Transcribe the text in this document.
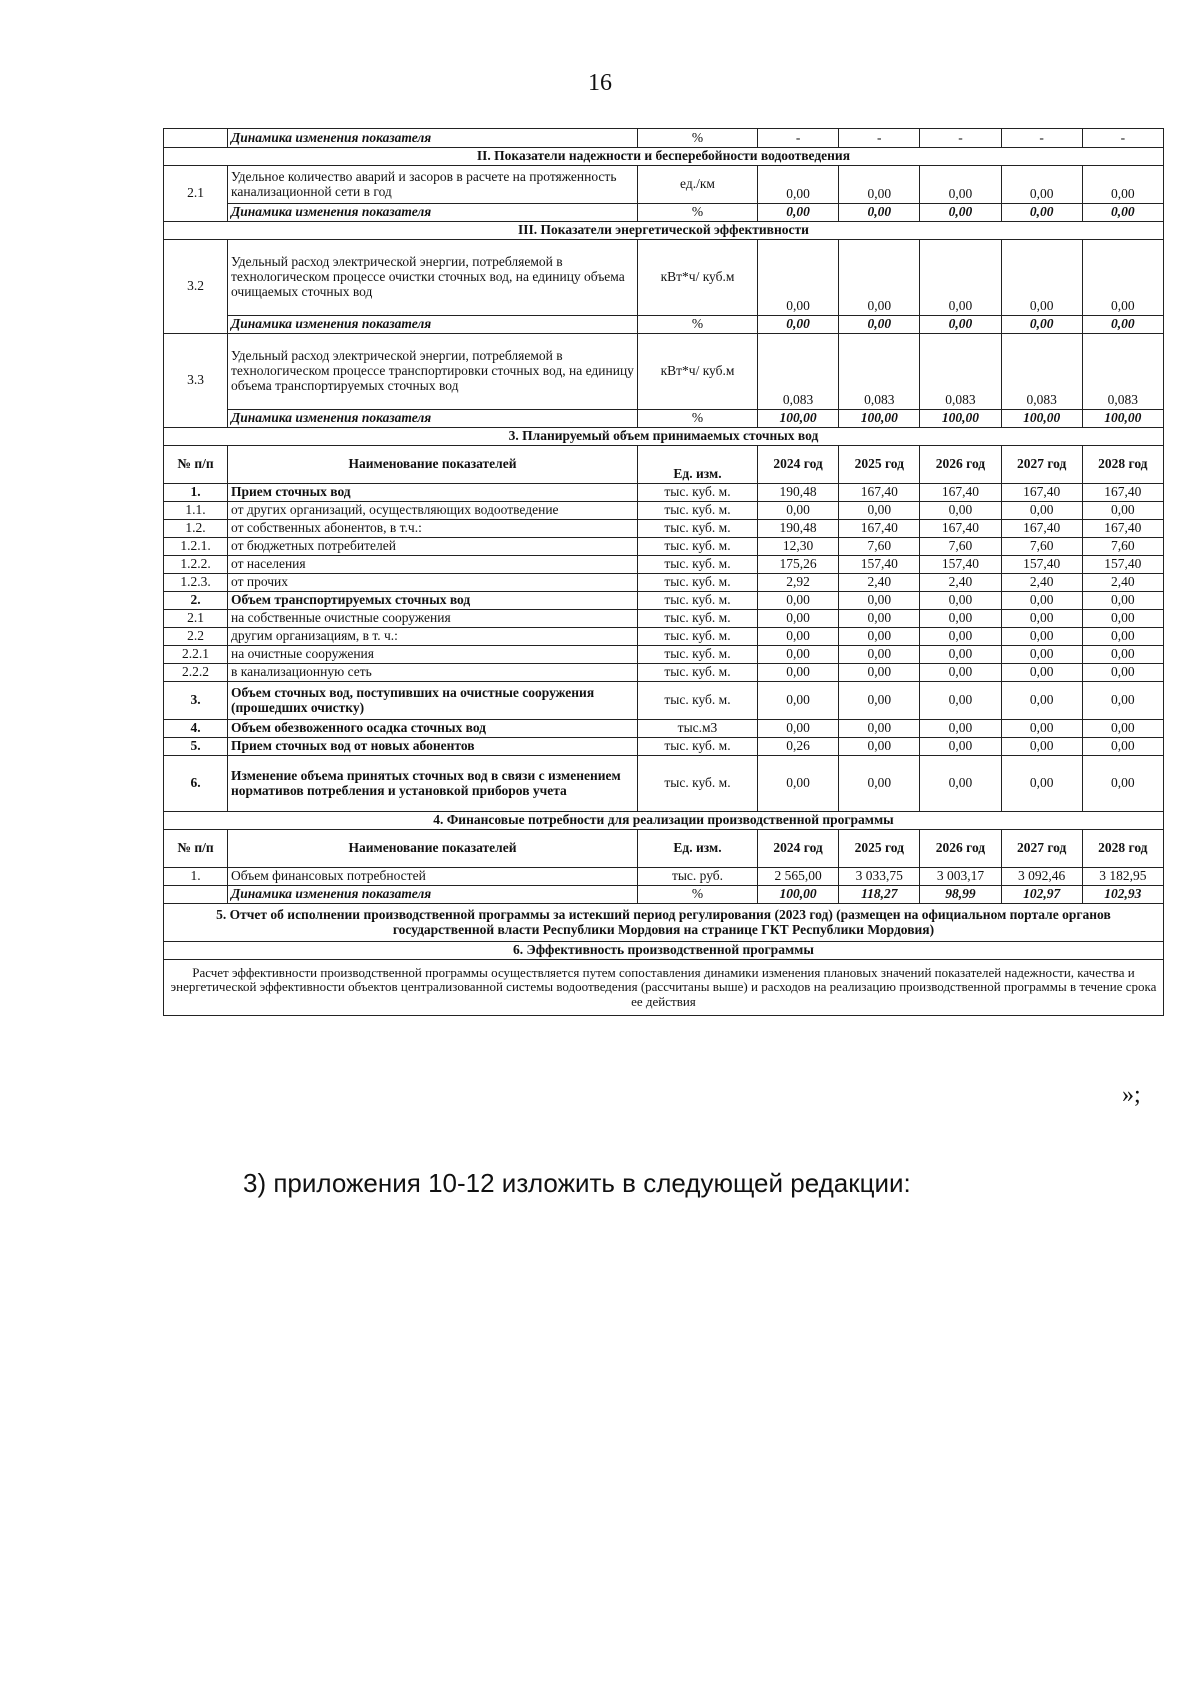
16
	Динамика изменения показателя	%	-	-	-	-	-
II. Показатели надежности и бесперебойности водоотведения							
2.1	Удельное количество аварий и засоров в расчете на протяженность канализационной сети в год	ед./км	0,00	0,00	0,00	0,00	0,00
	Динамика изменения показателя	%	0,00	0,00	0,00	0,00	0,00
III. Показатели энергетической эффективности							
3.2	Удельный расход электрической энергии, потребляемой в технологическом процессе очистки сточных вод, на единицу объема очищаемых сточных вод	кВт*ч/ куб.м	0,00	0,00	0,00	0,00	0,00
	Динамика изменения показателя	%	0,00	0,00	0,00	0,00	0,00
3.3	Удельный расход электрической энергии, потребляемой в технологическом процессе транспортировки сточных вод, на единицу объема транспортируемых сточных вод	кВт*ч/ куб.м	0,083	0,083	0,083	0,083	0,083
	Динамика изменения показателя	%	100,00	100,00	100,00	100,00	100,00
3. Планируемый объем принимаемых сточных вод							
№ п/п	Наименование показателей	Ед. изм.	2024 год	2025 год	2026 год	2027 год	2028 год
1.	Прием сточных вод	тыс. куб. м.	190,48	167,40	167,40	167,40	167,40
1.1.	от других организаций, осуществляющих водоотведение	тыс. куб. м.	0,00	0,00	0,00	0,00	0,00
1.2.	от собственных абонентов, в т.ч.:	тыс. куб. м.	190,48	167,40	167,40	167,40	167,40
1.2.1.	от бюджетных потребителей	тыс. куб. м.	12,30	7,60	7,60	7,60	7,60
1.2.2.	от населения	тыс. куб. м.	175,26	157,40	157,40	157,40	157,40
1.2.3.	от прочих	тыс. куб. м.	2,92	2,40	2,40	2,40	2,40
2.	Объем транспортируемых сточных вод	тыс. куб. м.	0,00	0,00	0,00	0,00	0,00
2.1	на собственные очистные сооружения	тыс. куб. м.	0,00	0,00	0,00	0,00	0,00
2.2	другим организациям, в т. ч.:	тыс. куб. м.	0,00	0,00	0,00	0,00	0,00
2.2.1	на очистные сооружения	тыс. куб. м.	0,00	0,00	0,00	0,00	0,00
2.2.2	в канализационную сеть	тыс. куб. м.	0,00	0,00	0,00	0,00	0,00
3.	Объем сточных вод, поступивших на очистные сооружения (прошедших очистку)	тыс. куб. м.	0,00	0,00	0,00	0,00	0,00
4.	Объем обезвоженного осадка сточных вод	тыс.м3	0,00	0,00	0,00	0,00	0,00
5.	Прием сточных вод от новых абонентов	тыс. куб. м.	0,26	0,00	0,00	0,00	0,00
6.	Изменение объема принятых сточных вод в связи с изменением нормативов потребления и установкой приборов учета	тыс. куб. м.	0,00	0,00	0,00	0,00	0,00
4. Финансовые потребности для реализации производственной программы							
№ п/п	Наименование показателей	Ед. изм.	2024 год	2025 год	2026 год	2027 год	2028 год
1.	Объем финансовых потребностей	тыс. руб.	2 565,00	3 033,75	3 003,17	3 092,46	3 182,95
	Динамика изменения показателя	%	100,00	118,27	98,99	102,97	102,93
5. Отчет об исполнении производственной программы за истекший период регулирования (2023 год) (размещен на официальном портале органов государственной власти Республики Мордовия на странице ГКТ Республики Мордовия)							
6. Эффективность производственной программы							
Расчет эффективности производственной программы осуществляется путем сопоставления динамики изменения плановых значений показателей надежности, качества и энергетической эффективности объектов централизованной системы водоотведения (рассчитаны выше) и расходов на реализацию производственной программы в течение срока ее действия							
»;
3) приложения 10-12 изложить в следующей редакции:
